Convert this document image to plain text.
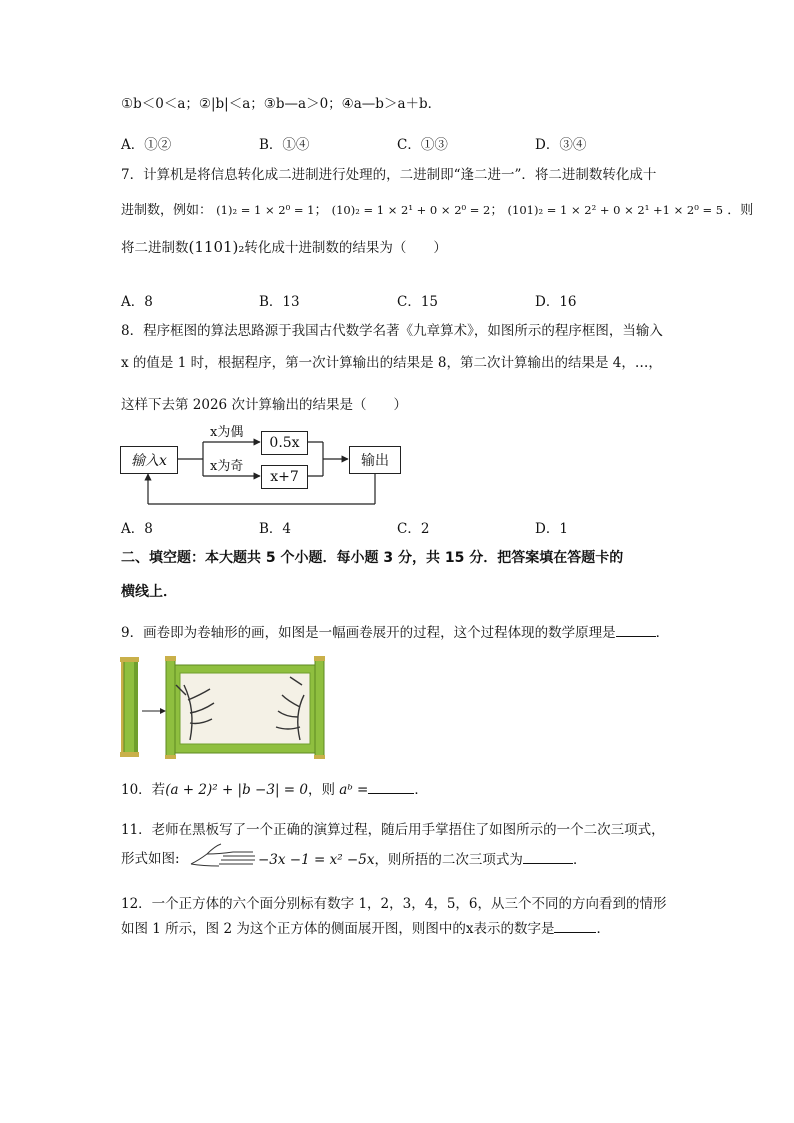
①b＜0＜a；②|b|＜a；③b—a＞0；④a—b＞a＋b．
A．①②	B．①④	C．①③	D．③④
7．计算机是将信息转化成二进制进行处理的，二进制即“逢二进一”．将二进制数转化成十
进制数，例如： (1)₂ = 1 × 2⁰ = 1； (10)₂ = 1 × 2¹ + 0 × 2⁰ = 2； (101)₂ = 1 × 2² + 0 × 2¹ +1 × 2⁰ = 5 ．则
将二进制数(1101)₂转化成十进制数的结果为（　　）
A．8	B．13	C．15	D．16
8．程序框图的算法思路源于我国古代数学名著《九章算术》，如图所示的程序框图，当输入
x 的值是 1 时，根据程序，第一次计算输出的结果是 8，第二次计算输出的结果是 4，…，
这样下去第 2026 次计算输出的结果是（　　）
输入x
x为偶
x为奇
0.5x
x+7
输出
A．8	B．4	C．2	D．1
二、填空题：本大题共 5 个小题．每小题 3 分，共 15 分．把答案填在答题卡的
横线上．
9．画卷即为卷轴形的画，如图是一幅画卷展开的过程，这个过程体现的数学原理是	．
10．若(a + 2)² + |b −3| = 0，则 aᵇ =	．
11．老师在黑板写了一个正确的演算过程，随后用手掌捂住了如图所示的一个二次三项式，
形式如图:	−3x −1 = x² −5x，则所捂的二次三项式为	．
12．一个正方体的六个面分别标有数字 1，2，3，4，5，6，从三个不同的方向看到的情形
如图 1 所示，图 2 为这个正方体的侧面展开图，则图中的x表示的数字是	．
